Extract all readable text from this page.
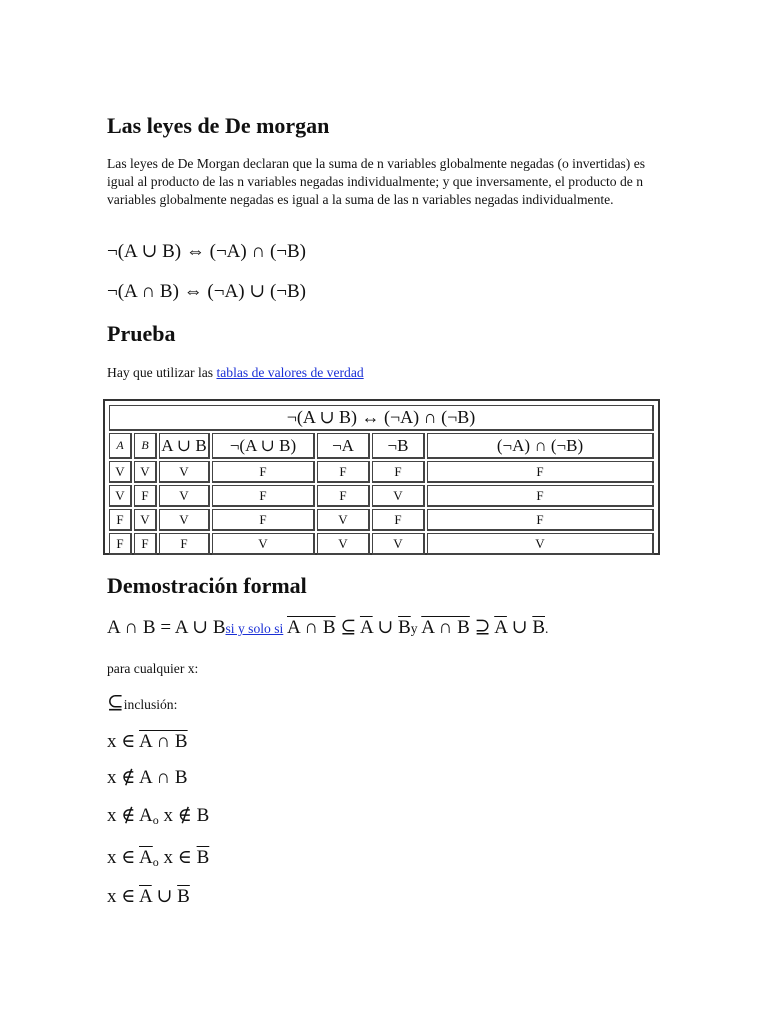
Las leyes de De morgan
Las leyes de De Morgan declaran que la suma de n variables globalmente negadas (o invertidas) es igual al producto de las n variables negadas individualmente; y que inversamente, el producto de n variables globalmente negadas es igual a la suma de las n variables negadas individualmente.
¬(A ∪ B) ⇔ (¬A) ∩ (¬B)
¬(A ∩ B) ⇔ (¬A) ∪ (¬B)
Prueba
Hay que utilizar las tablas de valores de verdad
Demostración formal
A ∩ B = A ∪ Bsi y solo si A ∩ B ⊆ $\overline{A}$ ∪ $\overline{B}y$ A ∩ B ⊇ $\overline{A}$ ∪ $\overline{B}$.
para cualquier x:
⊆inclusión:
x ∈ A ∩ B
x ∉ A ∩ B
x ∉ $A_o$ x ∉ B
x ∈ $\overline{A}_o$ x ∈ $\overline{B}$
x ∈ $\overline{A}$ ∪ $\overline{B}$
¬(A ∪ B) ↔ (¬A) ∩ (¬B)						
A	B	A ∪ B	¬(A ∪ B)	¬A	¬B	(¬A) ∩ (¬B)
V	V	V	F	F	F	F
V	F	V	F	F	V	F
F	V	V	F	V	F	F
F	F	F	V	V	V	V
